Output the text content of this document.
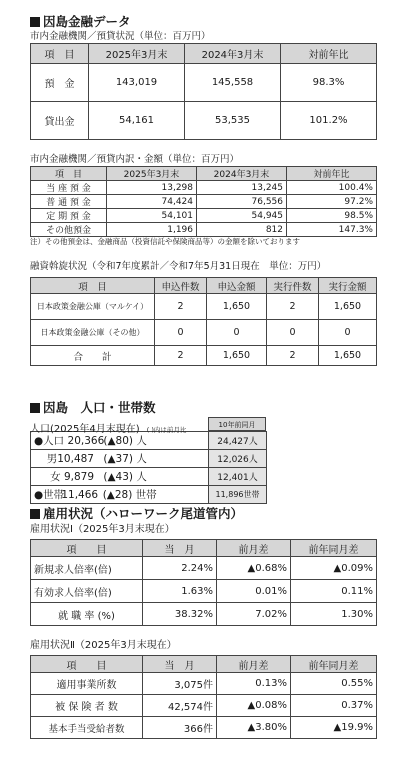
因島金融データ

市内金融機関／預貸状況（単位：百万円）

項　目	2025年3月末	2024年3月末	対前年比
預　金	143,019	145,558	98.3%
貸出金	54,161	53,535	101.2%

市内金融機関／預貸内訳・金額（単位：百万円）

項　目	2025年3月末	2024年3月末	対前年比
当 座 預 金	13,298	13,245	100.4%
普 通 預 金	74,424	76,556	97.2%
定 期 預 金	54,101	54,945	98.5%
その他預金	1,196	812	147.3%

注）その他預金は、金融商品（投資信託や保険商品等）の金額を除いております

融資斡旋状況（令和7年度累計／令和7年5月31日現在　単位：万円）

項　目	申込件数	申込金額	実行件数	実行金額
日本政策金融公庫（マルケイ）	2	1,650	2	1,650
日本政策金融公庫（その他）	0	0	0	0
合　　計	2	1,650	2	1,650
因島　人口・世帯数
人口(2025年4月末現在) ( )内は前月比
10年前同月
●人口 20,366 (▲80) 人	24,427人
男10,487 (▲37) 人	12,026人
女 9,879 (▲43) 人	12,401人
●世帯 11,466 (▲28) 世帯	11,896世帯
雇用状況（ハローワーク尾道管内）

雇用状況Ⅰ（2025年3月末現在）

項　　目	当　月	前月差	前年同月差
新規求人倍率(倍)	2.24%	▲0.68%	▲0.09%
有効求人倍率(倍)	1.63%	0.01%	0.11%
就 職 率 (%)	38.32%	7.02%	1.30%

雇用状況Ⅱ（2025年3月末現在）

項　　目	当　月	前月差	前年同月差
適用事業所数	3,075件	0.13%	0.55%
被 保 険 者 数	42,574件	▲0.08%	0.37%
基本手当受給者数	366件	▲3.80%	▲19.9%
